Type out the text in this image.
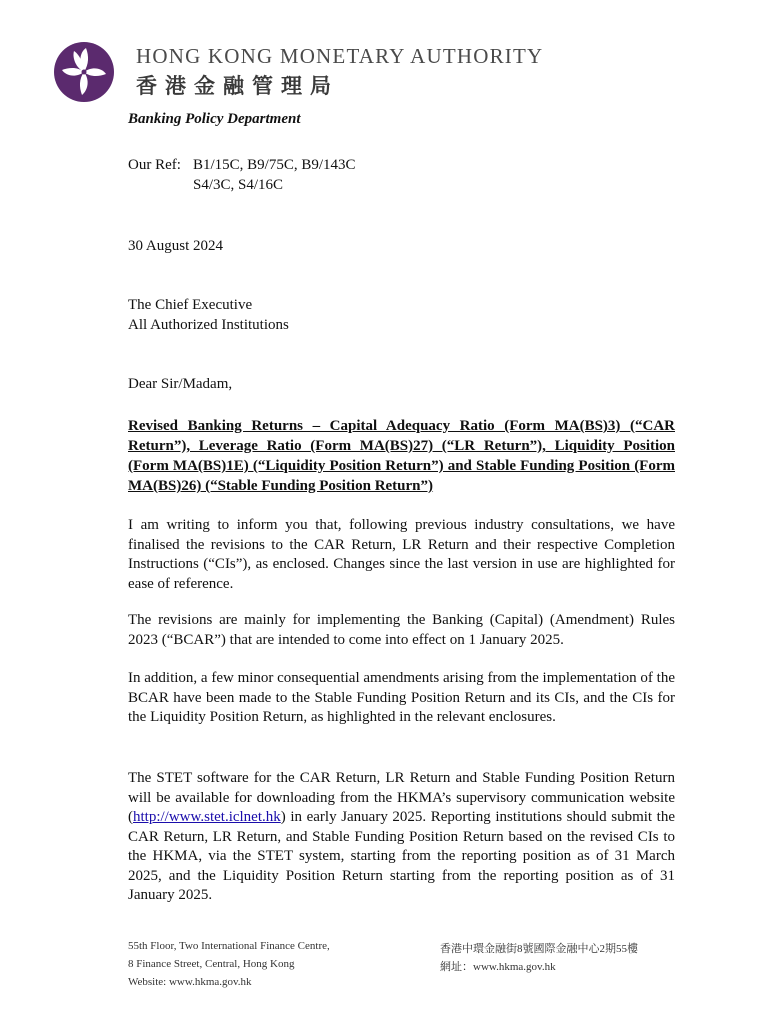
HONG KONG MONETARY AUTHORITY
香港金融管理局
Banking Policy Department
Our Ref: B1/15C, B9/75C, B9/143C
S4/3C, S4/16C
30 August 2024
The Chief Executive
All Authorized Institutions
Dear Sir/Madam,
Revised Banking Returns – Capital Adequacy Ratio (Form MA(BS)3) (“CAR Return”), Leverage Ratio (Form MA(BS)27) (“LR Return”), Liquidity Position (Form MA(BS)1E) (“Liquidity Position Return”) and Stable Funding Position (Form MA(BS)26) (“Stable Funding Position Return”)
I am writing to inform you that, following previous industry consultations, we have finalised the revisions to the CAR Return, LR Return and their respective Completion Instructions (“CIs”), as enclosed. Changes since the last version in use are highlighted for ease of reference.
The revisions are mainly for implementing the Banking (Capital) (Amendment) Rules 2023 (“BCAR”) that are intended to come into effect on 1 January 2025.
In addition, a few minor consequential amendments arising from the implementation of the BCAR have been made to the Stable Funding Position Return and its CIs, and the CIs for the Liquidity Position Return, as highlighted in the relevant enclosures.
The STET software for the CAR Return, LR Return and Stable Funding Position Return will be available for downloading from the HKMA’s supervisory communication website (http://www.stet.iclnet.hk) in early January 2025. Reporting institutions should submit the CAR Return, LR Return, and Stable Funding Position Return based on the revised CIs to the HKMA, via the STET system, starting from the reporting position as of 31 March 2025, and the Liquidity Position Return starting from the reporting position as of 31 January 2025.
55th Floor, Two International Finance Centre,
8 Finance Street, Central, Hong Kong
Website: www.hkma.gov.hk
香港中環金融街8號國際金融中心2期55樓
網址：www.hkma.gov.hk
